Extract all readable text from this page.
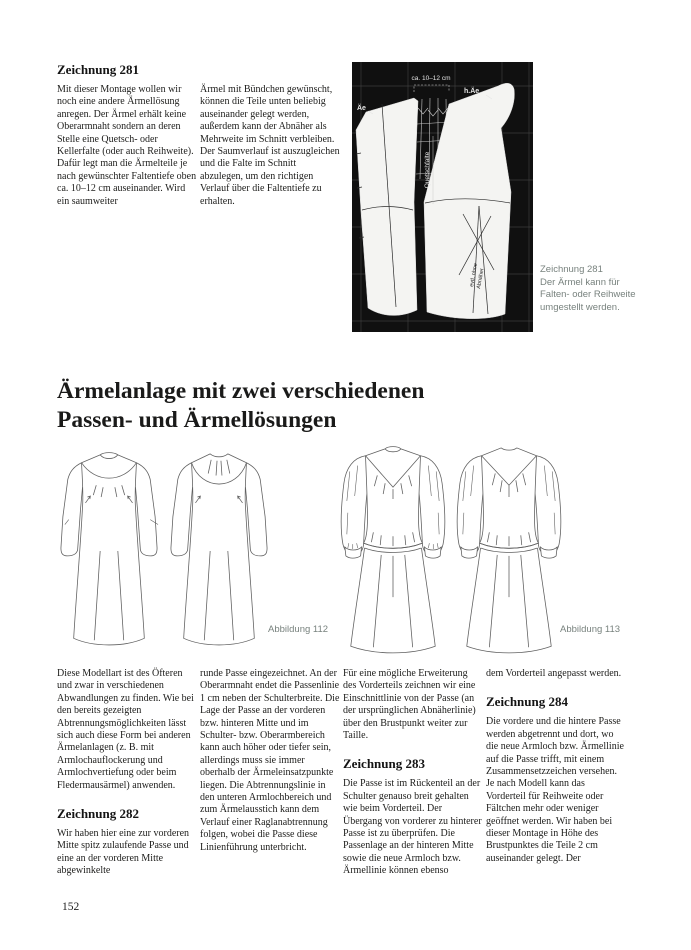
Zeichnung 281

Mit dieser Montage wollen wir noch eine andere Ärmellösung anregen. Der Ärmel erhält keine Oberarmnaht sondern an deren Stelle eine Quetsch- oder Kellerfalte (oder auch Reihweite). Dafür legt man die Ärmelteile je nach gewünschter Faltentiefe oben ca. 10–12 cm auseinander. Wird ein saumweiter

Ärmel mit Bündchen gewünscht, können die Teile unten beliebig auseinander gelegt werden, außerdem kann der Abnäher als Mehrweite im Schnitt verbleiben. Der Saumverlauf ist auszugleichen und die Falte im Schnitt abzulegen, um den richtigen Verlauf über die Faltentiefe zu erhalten.

evtl. ohne
Abnäher
ca. 10–12 cm
Äe
h.Äe
Quetschfalte
Zeichnung 281
Der Ärmel kann für Falten- oder Reihweite umgestellt werden.
Ärmelanlage mit zwei verschiedenen
Passen- und Ärmellösungen
Abbildung 112	Abbildung 113

Diese Modellart ist des Öfteren und zwar in verschiedenen Abwandlungen zu finden. Wie bei den bereits gezeigten Abtrennungsmöglichkeiten lässt sich auch diese Form bei anderen Ärmelanlagen (z. B. mit Armlochauflockerung und Armlochvertiefung oder beim Fledermausärmel) anwenden.

Zeichnung 282

Wir haben hier eine zur vorderen Mitte spitz zulaufende Passe und eine an der vorderen Mitte abgewinkelte

runde Passe eingezeichnet. An der Oberarmnaht endet die Passenlinie 1 cm neben der Schulterbreite. Die Lage der Passe an der vorderen bzw. hinteren Mitte und im Schulter- bzw. Oberarmbereich kann auch höher oder tiefer sein, allerdings muss sie immer oberhalb der Ärmeleinsatzpunkte liegen. Die Abtrennungslinie in den unteren Armlochbereich und zum Ärmelausstich kann dem Verlauf einer Raglanabtrennung folgen, wobei die Passe diese Linienführung unterbricht.

Für eine mögliche Erweiterung des Vorderteils zeichnen wir eine Einschnittlinie von der Passe (an der ursprünglichen Abnäherlinie) über den Brustpunkt weiter zur Taille.

Zeichnung 283

Die Passe ist im Rückenteil an der Schulter genauso breit gehalten wie beim Vorderteil. Der Übergang von vorderer zu hinterer Passe ist zu überprüfen. Die Passenlage an der hinteren Mitte sowie die neue Armloch bzw. Ärmellinie können ebenso

dem Vorderteil angepasst werden.

Zeichnung 284

Die vordere und die hintere Passe werden abgetrennt und dort, wo die neue Armloch bzw. Ärmellinie auf die Passe trifft, mit einem Zusammensetzzeichen versehen. Je nach Modell kann das Vorderteil für Reihweite oder Fältchen mehr oder weniger geöffnet werden. Wir haben bei dieser Montage in Höhe des Brustpunktes die Teile 2 cm auseinander gelegt. Der

152
